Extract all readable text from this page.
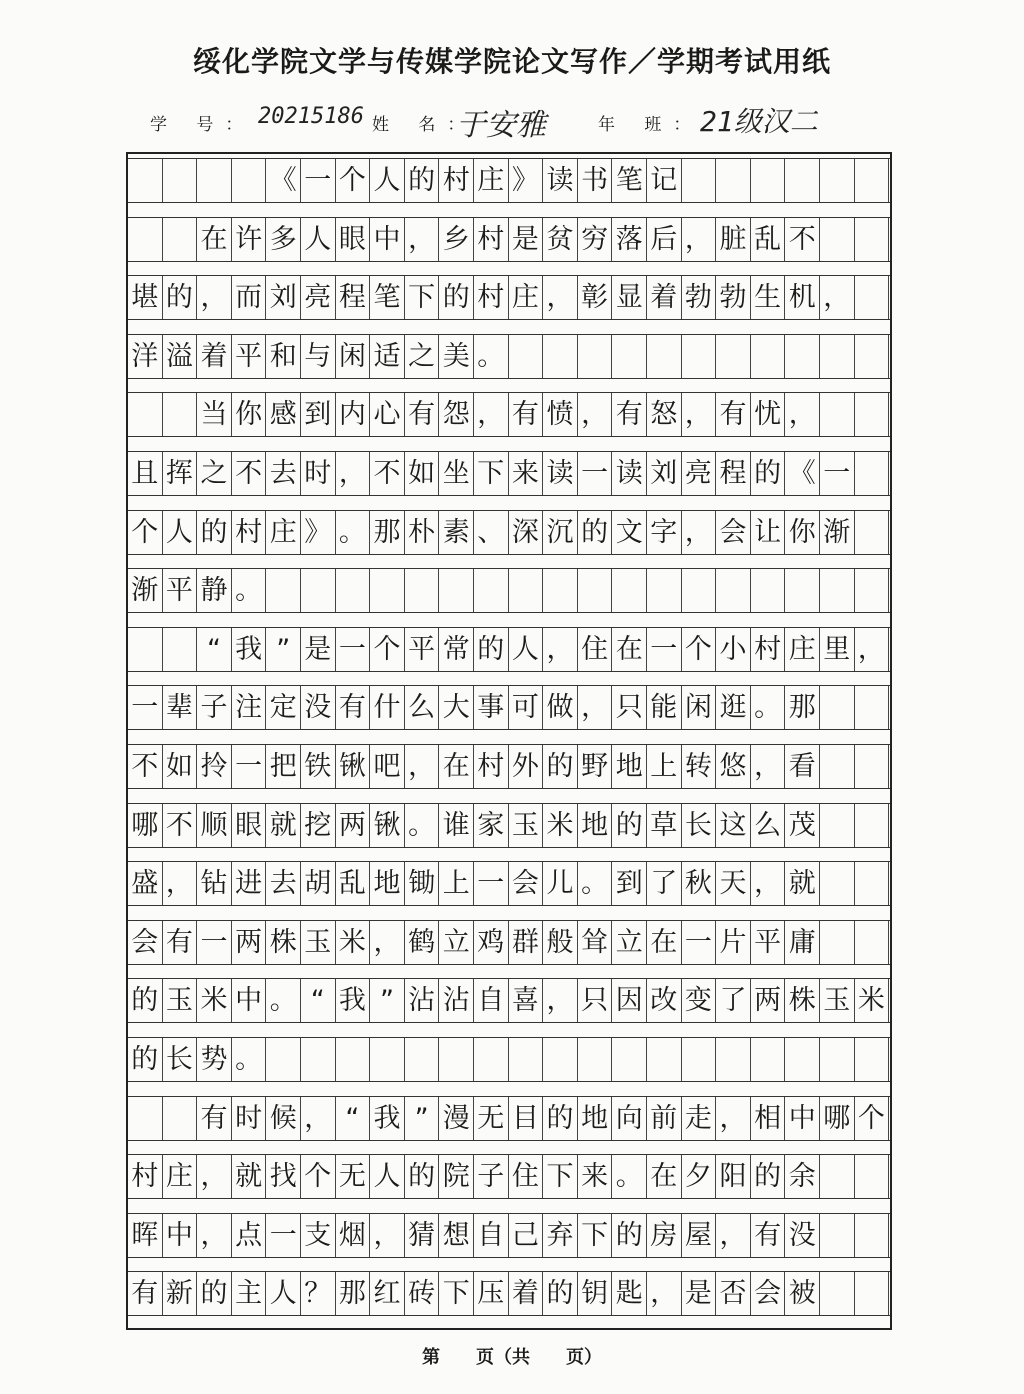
绥化学院文学与传媒学院论文写作／学期考试用纸
学 号： 20215186 姓 名：
于安雅	年 班：
21级汉二
《 一 个 人 的 村 庄 》 读 书 笔 记
在 许 多 人 眼 中 ， 乡 村 是 贫 穷 落 后 ， 脏 乱 不
堪 的 ， 而 刘 亮 程 笔 下 的 村 庄 ， 彰 显 着 勃 勃 生 机 ，
洋 溢 着 平 和 与 闲 适 之 美 。
当 你 感 到 内 心 有 怨 ， 有 愤 ， 有 怒 ， 有 忧 ，
且 挥 之 不 去 时 ， 不 如 坐 下 来 读 一 读 刘 亮 程 的 《 一
个 人 的 村 庄 》 。 那 朴 素 、 深 沉 的 文 字 ， 会 让 你 渐
渐 平 静 。
“ 我 ” 是 一 个 平 常 的 人 ， 住 在 一 个 小 村 庄 里 ，
一 辈 子 注 定 没 有 什 么 大 事 可 做 ， 只 能 闲 逛 。 那
不 如 拎 一 把 铁 锹 吧 ， 在 村 外 的 野 地 上 转 悠 ， 看
哪 不 顺 眼 就 挖 两 锹 。 谁 家 玉 米 地 的 草 长 这 么 茂
盛 ， 钻 进 去 胡 乱 地 锄 上 一 会 儿 。 到 了 秋 天 ， 就
会 有 一 两 株 玉 米 ， 鹤 立 鸡 群 般 耸 立 在 一 片 平 庸
的 玉 米 中 。 “ 我 ” 沾 沾 自 喜 ， 只 因 改 变 了 两 株 玉 米
的 长 势 。
有 时 候 ， “ 我 ” 漫 无 目 的 地 向 前 走 ， 相 中 哪 个
村 庄 ， 就 找 个 无 人 的 院 子 住 下 来 。 在 夕 阳 的 余
晖 中 ， 点 一 支 烟 ， 猜 想 自 己 弃 下 的 房 屋 ， 有 没
有 新 的 主 人 ？ 那 红 砖 下 压 着 的 钥 匙 ， 是 否 会 被
第　　页（共　　页）
